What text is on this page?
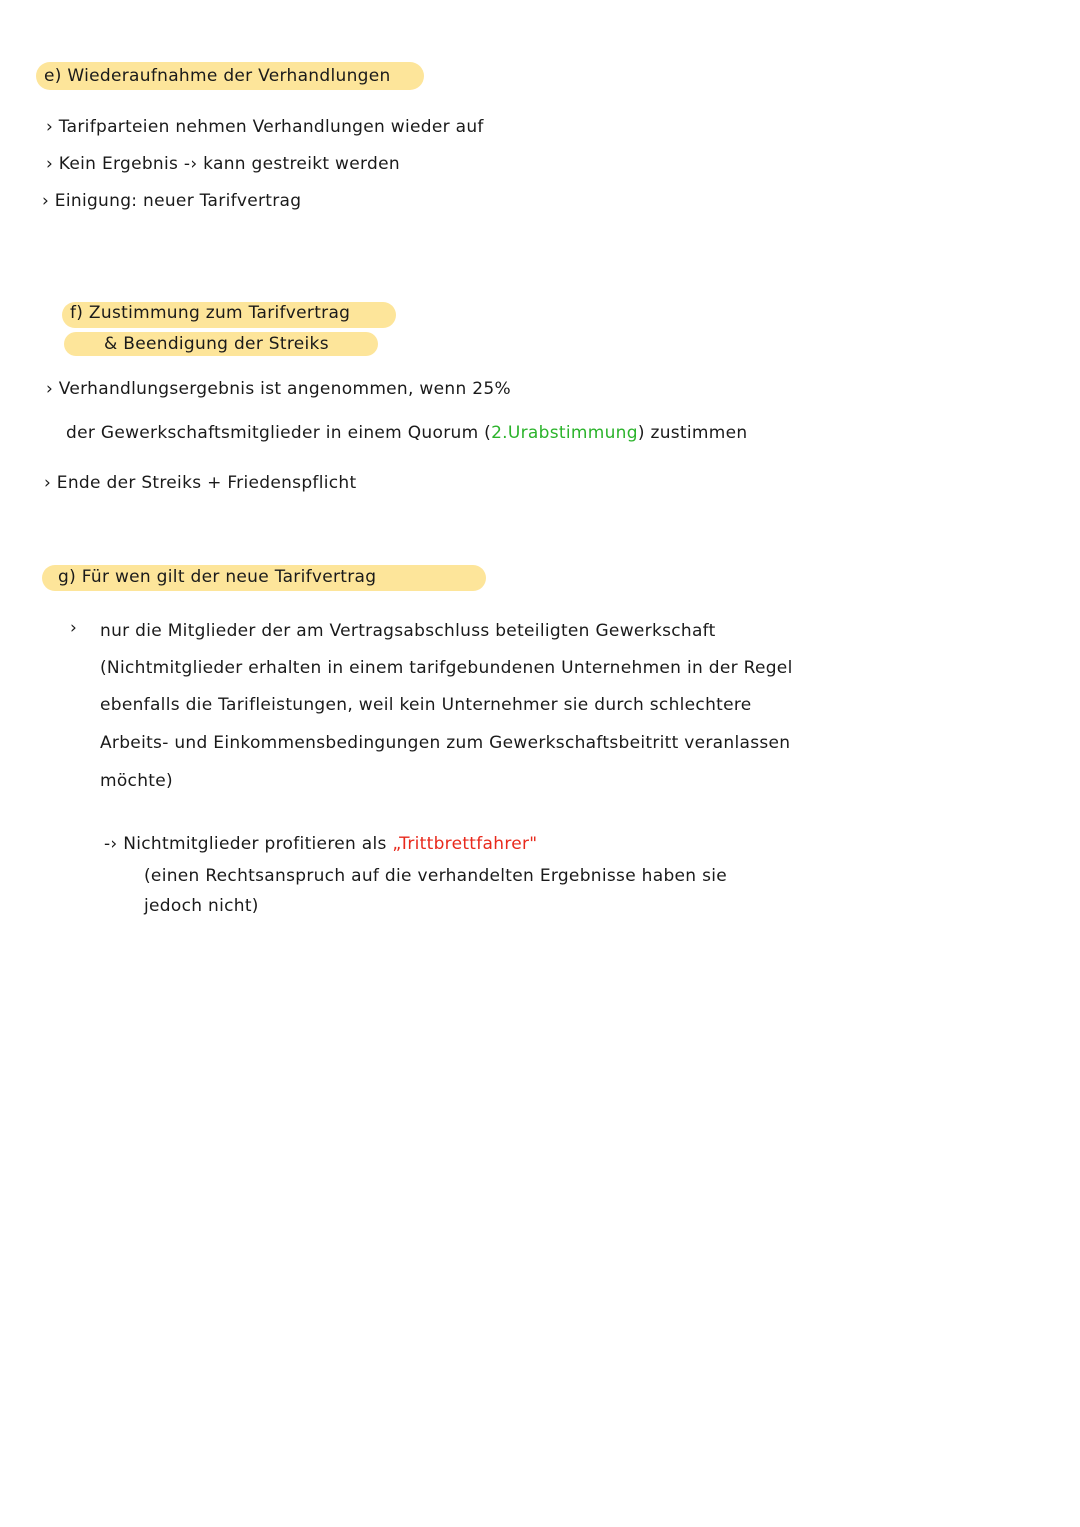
e) Wiederaufnahme der Verhandlungen
› Tarifparteien nehmen Verhandlungen wieder auf
› Kein Ergebnis -› kann gestreikt werden
› Einigung: neuer Tarifvertrag
f) Zustimmung zum Tarifvertrag
& Beendigung der Streiks
› Verhandlungsergebnis ist angenommen, wenn 25%
der Gewerkschaftsmitglieder in einem Quorum (2.Urabstimmung) zustimmen
› Ende der Streiks + Friedenspflicht
g) Für wen gilt der neue Tarifvertrag
› nur die Mitglieder der am Vertragsabschluss beteiligten Gewerkschaft
(Nichtmitglieder erhalten in einem tarifgebundenen Unternehmen in der Regel
ebenfalls die Tarifleistungen, weil kein Unternehmer sie durch schlechtere
Arbeits- und Einkommensbedingungen zum Gewerkschaftsbeitritt veranlassen
möchte)
-› Nichtmitglieder profitieren als „Trittbrettfahrer"
(einen Rechtsanspruch auf die verhandelten Ergebnisse haben sie
jedoch nicht)
